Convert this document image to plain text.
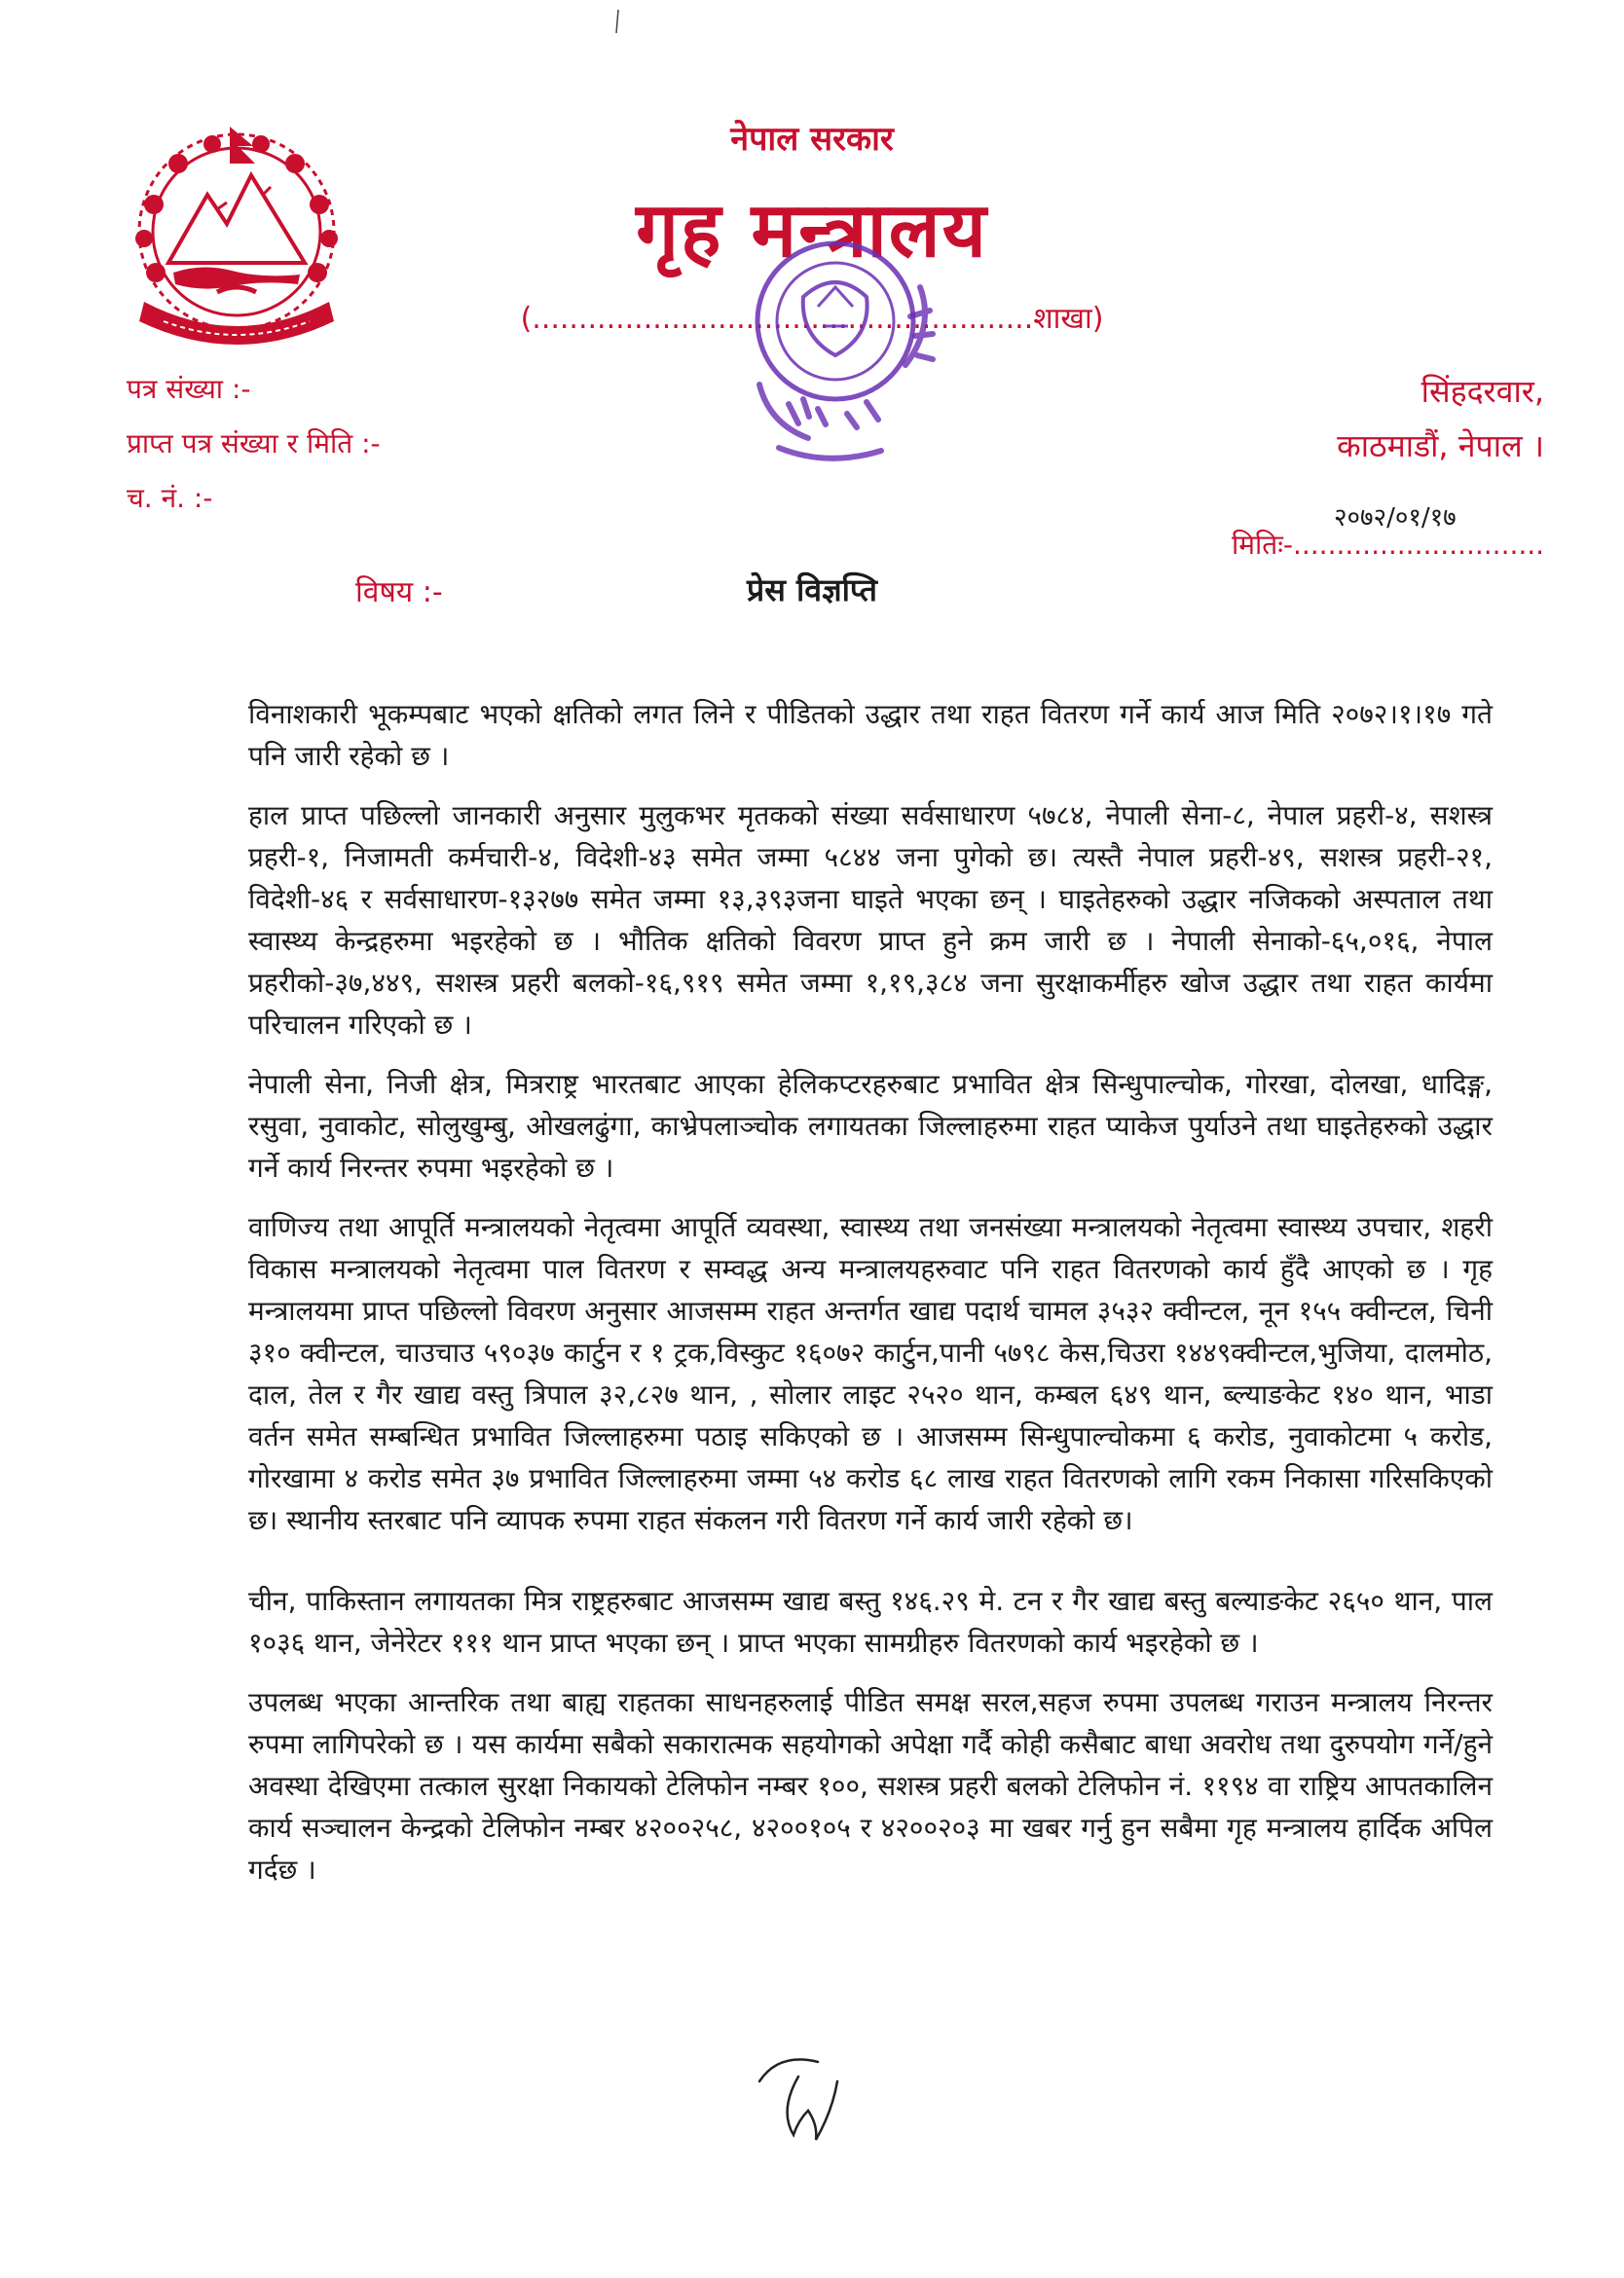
नेपाल सरकार
गृह मन्त्रालय
(......................................................शाखा)
पत्र संख्या :-
प्राप्त पत्र संख्या र मिति :-
च. नं. :-
सिंहदरवार,
काठमाडौं, नेपाल ।
२०७२/०१/१७
मितिः-.............................
विषय :-	प्रेस विज्ञप्ति

विनाशकारी भूकम्पबाट भएको क्षतिको लगत लिने र पीडितको उद्धार तथा राहत वितरण गर्ने कार्य आज मिति २०७२।१।१७ गते पनि जारी रहेको छ ।

हाल प्राप्त पछिल्लो जानकारी अनुसार मुलुकभर मृतकको संख्या सर्वसाधारण ५७८४, नेपाली सेना-८, नेपाल प्रहरी-४, सशस्त्र प्रहरी-१, निजामती कर्मचारी-४, विदेशी-४३ समेत जम्मा ५८४४ जना पुगेको छ। त्यस्तै नेपाल प्रहरी-४९, सशस्त्र प्रहरी-२१, विदेशी-४६ र सर्वसाधारण-१३२७७ समेत जम्मा १३,३९३जना घाइते भएका छन् । घाइतेहरुको उद्धार नजिकको अस्पताल तथा स्वास्थ्य केन्द्रहरुमा भइरहेको छ । भौतिक क्षतिको विवरण प्राप्त हुने क्रम जारी छ । नेपाली सेनाको-६५,०१६, नेपाल प्रहरीको-३७,४४९, सशस्त्र प्रहरी बलको-१६,९१९ समेत जम्मा १,१९,३८४ जना सुरक्षाकर्मीहरु खोज उद्धार तथा राहत कार्यमा परिचालन गरिएको छ ।

नेपाली सेना, निजी क्षेत्र, मित्रराष्ट्र भारतबाट आएका हेलिकप्टरहरुबाट प्रभावित क्षेत्र सिन्धुपाल्चोक, गोरखा, दोलखा, धादिङ्ग, रसुवा, नुवाकोट, सोलुखुम्बु, ओखलढुंगा, काभ्रेपलाञ्चोक लगायतका जिल्लाहरुमा राहत प्याकेज पुर्याउने तथा घाइतेहरुको उद्धार गर्ने कार्य निरन्तर रुपमा भइरहेको छ ।

वाणिज्य तथा आपूर्ति मन्त्रालयको नेतृत्वमा आपूर्ति व्यवस्था, स्वास्थ्य तथा जनसंख्या मन्त्रालयको नेतृत्वमा स्वास्थ्य उपचार, शहरी विकास मन्त्रालयको नेतृत्वमा पाल वितरण र सम्वद्ध अन्य मन्त्रालयहरुवाट पनि राहत वितरणको कार्य हुँदै आएको छ । गृह मन्त्रालयमा प्राप्त पछिल्लो विवरण अनुसार आजसम्म राहत अन्तर्गत खाद्य पदार्थ चामल ३५३२ क्वीन्टल, नून १५५ क्वीन्टल, चिनी ३१० क्वीन्टल, चाउचाउ ५९०३७ कार्टुन र १ ट्रक,विस्कुट १६०७२ कार्टुन,पानी ५७९८ केस,चिउरा १४४९क्वीन्टल,भुजिया, दालमोठ, दाल, तेल र गैर खाद्य वस्तु त्रिपाल ३२,८२७ थान, , सोलार लाइट २५२० थान, कम्बल ६४९ थान, ब्ल्याङकेट १४० थान, भाडा वर्तन समेत सम्बन्धित प्रभावित जिल्लाहरुमा पठाइ सकिएको छ । आजसम्म सिन्धुपाल्चोकमा ६ करोड, नुवाकोटमा ५ करोड, गोरखामा ४ करोड समेत ३७ प्रभावित जिल्लाहरुमा जम्मा ५४ करोड ६८ लाख राहत वितरणको लागि रकम निकासा गरिसकिएको छ। स्थानीय स्तरबाट पनि व्यापक रुपमा राहत संकलन गरी वितरण गर्ने कार्य जारी रहेको छ।

चीन, पाकिस्तान लगायतका मित्र राष्ट्रहरुबाट आजसम्म खाद्य बस्तु १४६.२९ मे. टन र गैर खाद्य बस्तु बल्याङकेट २६५० थान, पाल १०३६ थान, जेनेरेटर १११ थान प्राप्त भएका छन् । प्राप्त भएका सामग्रीहरु वितरणको कार्य भइरहेको छ ।

उपलब्ध भएका आन्तरिक तथा बाह्य राहतका साधनहरुलाई पीडित समक्ष सरल,सहज रुपमा उपलब्ध गराउन मन्त्रालय निरन्तर रुपमा लागिपरेको छ । यस कार्यमा सबैको सकारात्मक सहयोगको अपेक्षा गर्दै कोही कसैबाट बाधा अवरोध तथा दुरुपयोग गर्ने/हुने अवस्था देखिएमा तत्काल सुरक्षा निकायको टेलिफोन नम्बर १००, सशस्त्र प्रहरी बलको टेलिफोन नं. ११९४ वा राष्ट्रिय आपतकालिन कार्य सञ्चालन केन्द्रको टेलिफोन नम्बर ४२००२५८, ४२००१०५ र ४२००२०३ मा खबर गर्नु हुन सबैमा गृह मन्त्रालय हार्दिक अपिल गर्दछ ।
